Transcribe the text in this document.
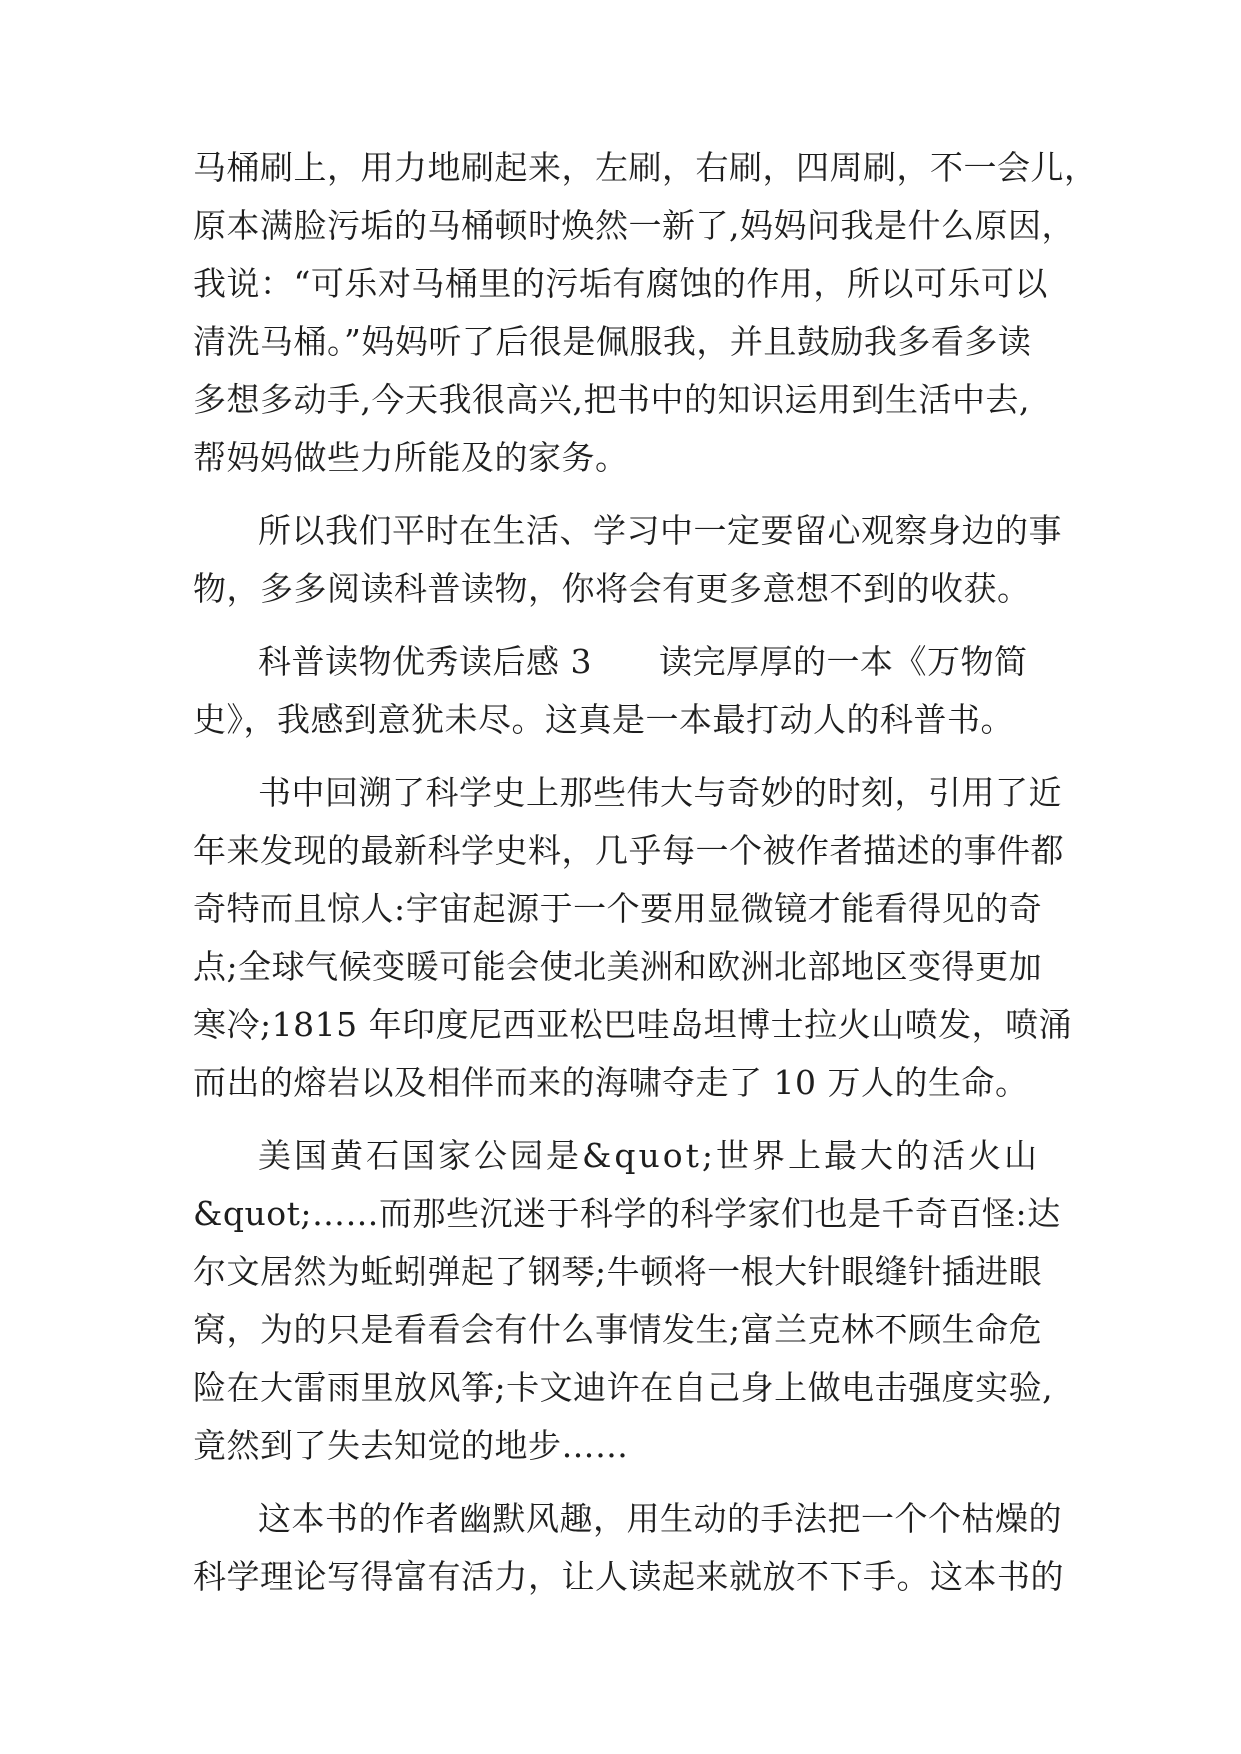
马桶刷上，用力地刷起来，左刷，右刷，四周刷，不一会儿，
原本满脸污垢的马桶顿时焕然一新了,妈妈问我是什么原因，
我说：“可乐对马桶里的污垢有腐蚀的作用，所以可乐可以
清洗马桶。”妈妈听了后很是佩服我，并且鼓励我多看多读
多想多动手,今天我很高兴,把书中的知识运用到生活中去,
帮妈妈做些力所能及的家务。
所以我们平时在生活、学习中一定要留心观察身边的事
物，多多阅读科普读物，你将会有更多意想不到的收获。
科普读物优秀读后感 3　　读完厚厚的一本《万物简
史》，我感到意犹未尽。这真是一本最打动人的科普书。
书中回溯了科学史上那些伟大与奇妙的时刻，引用了近
年来发现的最新科学史料，几乎每一个被作者描述的事件都
奇特而且惊人:宇宙起源于一个要用显微镜才能看得见的奇
点;全球气候变暖可能会使北美洲和欧洲北部地区变得更加
寒冷;1815 年印度尼西亚松巴哇岛坦博士拉火山喷发，喷涌
而出的熔岩以及相伴而来的海啸夺走了 10 万人的生命。
美国黄石国家公园是&quot;世界上最大的活火山
&quot;……而那些沉迷于科学的科学家们也是千奇百怪:达
尔文居然为蚯蚓弹起了钢琴;牛顿将一根大针眼缝针插进眼
窝，为的只是看看会有什么事情发生;富兰克林不顾生命危
险在大雷雨里放风筝;卡文迪许在自己身上做电击强度实验,
竟然到了失去知觉的地步……
这本书的作者幽默风趣，用生动的手法把一个个枯燥的
科学理论写得富有活力，让人读起来就放不下手。这本书的
